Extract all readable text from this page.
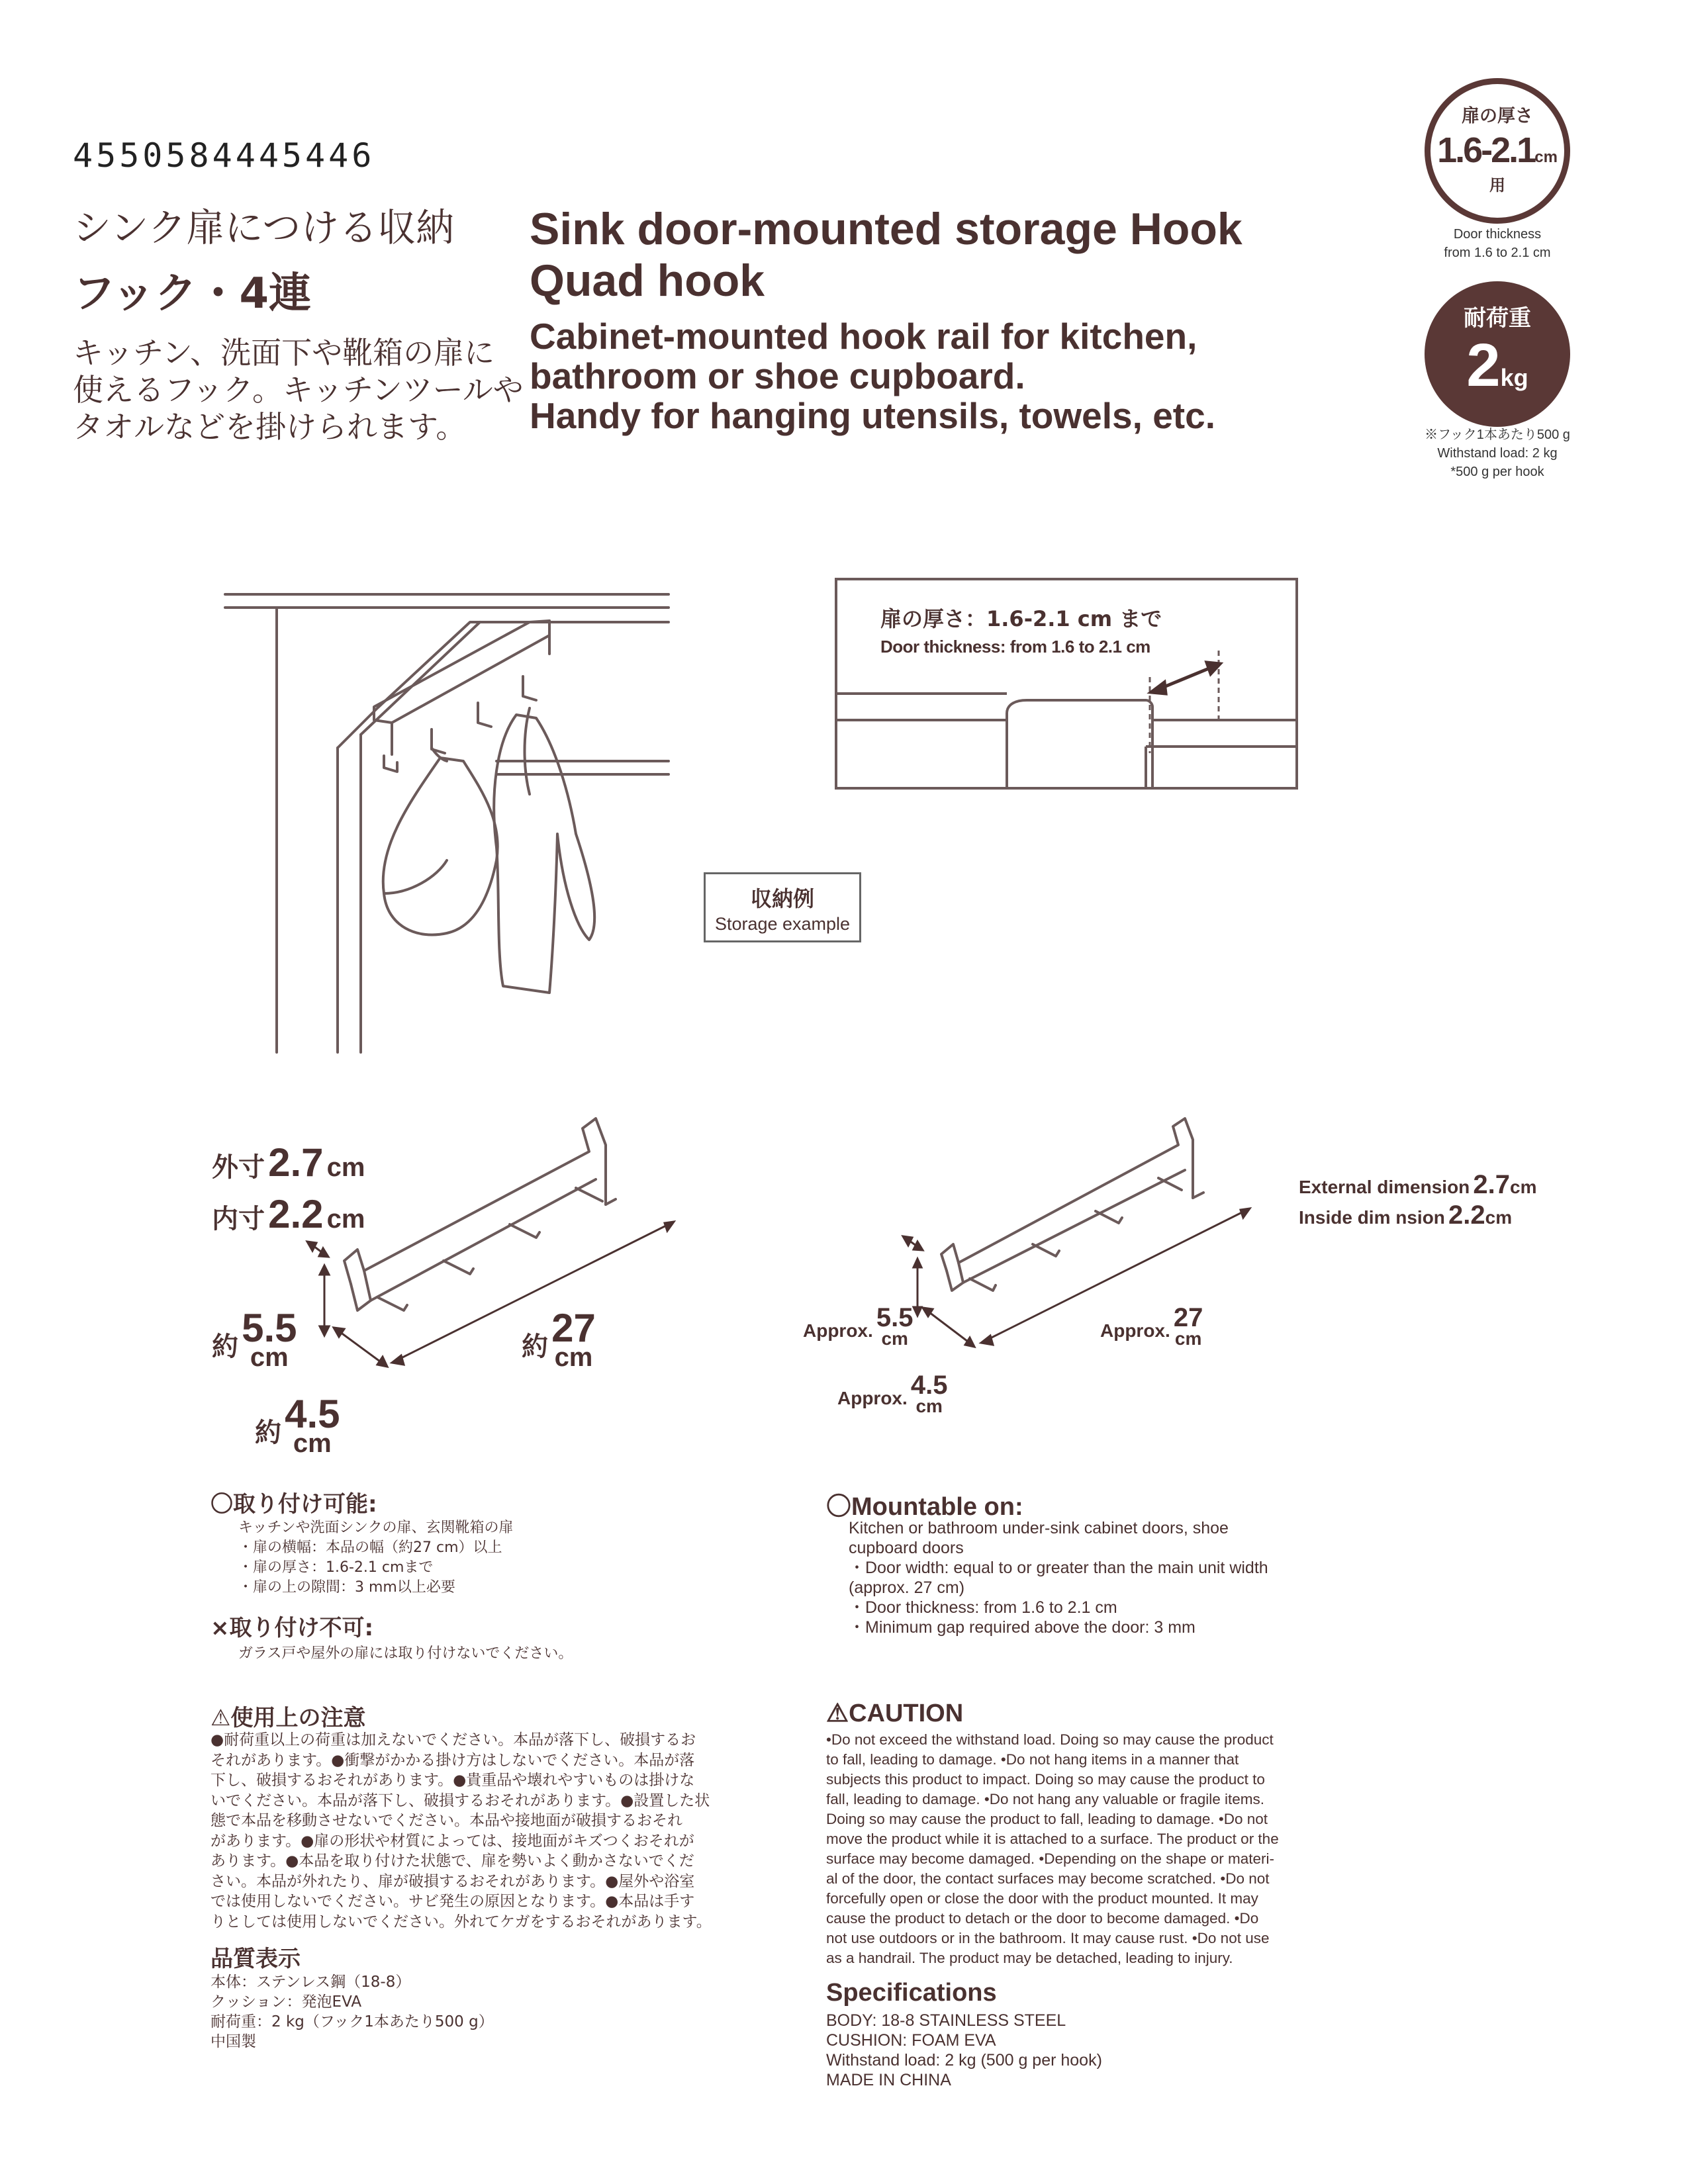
4550584445446
シンク扉につける収納
フック・4連
キッチン、洗面下や靴箱の扉に
使えるフック。キッチンツールや
タオルなどを掛けられます。
Sink door-mounted storage Hook
Quad hook
Cabinet-mounted hook rail for kitchen,
bathroom or shoe cupboard.
Handy for hanging utensils, towels, etc.
扉の厚さ
1.6-2.1cm
用
Door thickness
from 1.6 to 2.1 cm
耐荷重
2kg
※フック1本あたり500 g
Withstand load: 2 kg
*500 g per hook
扉の厚さ：1.6-2.1 cm まで
Door thickness: from 1.6 to 2.1 cm
収納例
Storage example
外寸 2.7 cm
内寸 2.2 cm
約 5.5
cm
約 4.5
cm
約 27
cm
External dimension 2.7cm
Inside dim nsion 2.2cm
Approx. 5.5
cm
Approx. 4.5
cm
Approx. 27
cm
〇取り付け可能:
キッチンや洗面シンクの扉、玄関靴箱の扉
・扉の横幅：本品の幅（約27 cm）以上
・扉の厚さ：1.6-2.1 cmまで
・扉の上の隙間：3 mm以上必要
×取り付け不可:
ガラス戸や屋外の扉には取り付けないでください。
〇Mountable on:
Kitchen or bathroom under-sink cabinet doors, shoe
cupboard doors
・Door width: equal to or greater than the main unit width
(approx. 27 cm)
・Door thickness: from 1.6 to 2.1 cm
・Minimum gap required above the door: 3 mm
⚠使用上の注意
●耐荷重以上の荷重は加えないでください。本品が落下し、破損するお
それがあります。●衝撃がかかる掛け方はしないでください。本品が落
下し、破損するおそれがあります。●貴重品や壊れやすいものは掛けな
いでください。本品が落下し、破損するおそれがあります。●設置した状
態で本品を移動させないでください。本品や接地面が破損するおそれ
があります。●扉の形状や材質によっては、接地面がキズつくおそれが
あります。●本品を取り付けた状態で、扉を勢いよく動かさないでくだ
さい。本品が外れたり、扉が破損するおそれがあります。●屋外や浴室
では使用しないでください。サビ発生の原因となります。●本品は手す
りとしては使用しないでください。外れてケガをするおそれがあります。
品質表示
本体：ステンレス鋼（18-8）
クッション：発泡EVA
耐荷重：2 kg（フック1本あたり500 g）
中国製
⚠CAUTION
•Do not exceed the withstand load. Doing so may cause the product
to fall, leading to damage. •Do not hang items in a manner that
subjects this product to impact. Doing so may cause the product to
fall, leading to damage. •Do not hang any valuable or fragile items.
Doing so may cause the product to fall, leading to damage. •Do not
move the product while it is attached to a surface. The product or the
surface may become damaged. •Depending on the shape or materi-
al of the door, the contact surfaces may become scratched. •Do not
forcefully open or close the door with the product mounted. It may
cause the product to detach or the door to become damaged. •Do
not use outdoors or in the bathroom. It may cause rust. •Do not use
as a handrail. The product may be detached, leading to injury.
Specifications
BODY: 18-8 STAINLESS STEEL
CUSHION: FOAM EVA
Withstand load: 2 kg (500 g per hook)
MADE IN CHINA
